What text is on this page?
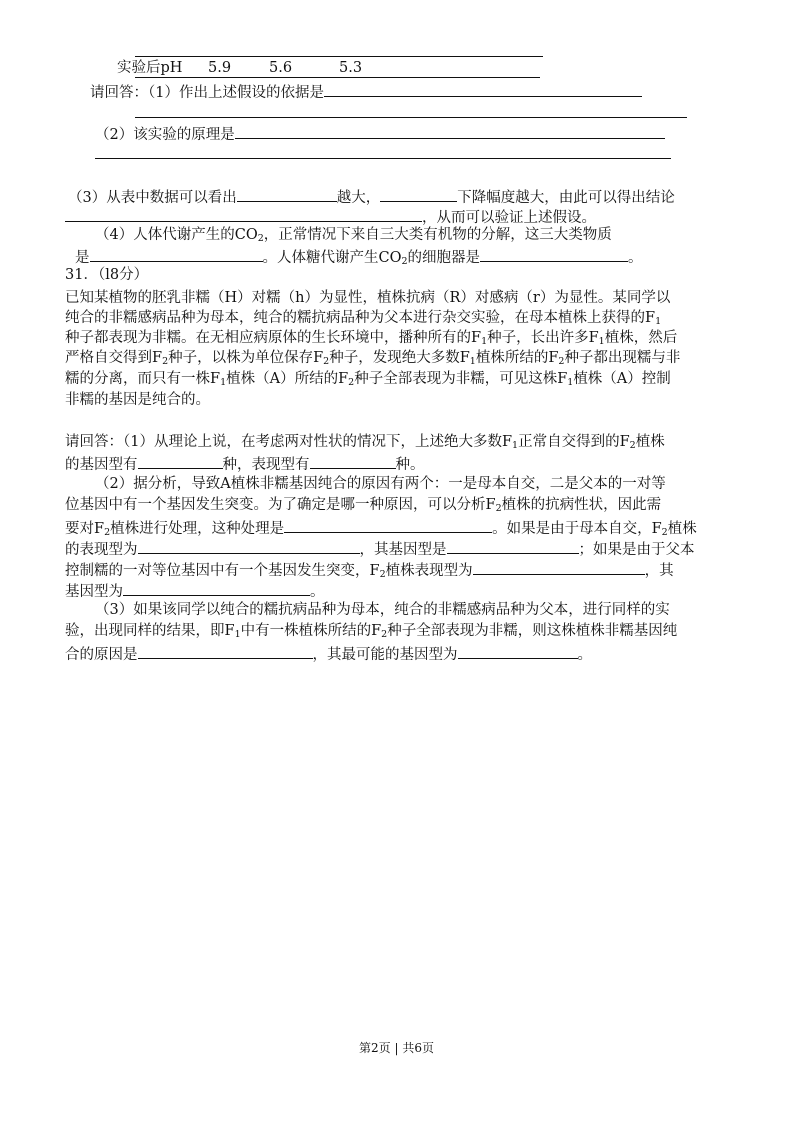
实验后pH 5.9	5.6	5.3
请回答：（1）作出上述假设的依据是
（2）该实验的原理是
（3）从表中数据可以看出	越大，	下降幅度越大，由此可以得出结论
，从而可以验证上述假设。
（4）人体代谢产生的$CO_2$，正常情况下来自三大类有机物的分解，这三大类物质
是	。人体糖代谢产生$CO_2$的细胞器是	。
31．（l8分）
已知某植物的胚乳非糯（H）对糯（h）为显性，植株抗病（R）对感病（r）为显性。某同学以
纯合的非糯感病品种为母本，纯合的糯抗病品种为父本进行杂交实验，在母本植株上获得的$F_1$
种子都表现为非糯。在无相应病原体的生长环境中，播种所有的$F_1$种子，长出许多$F_1$植株，然后
严格自交得到$F_2$种子，以株为单位保存$F_2$种子，发现绝大多数$F_1$植株所结的$F_2$种子都出现糯与非
糯的分离，而只有一株$F_1$植株（A）所结的$F_2$种子全部表现为非糯，可见这株$F_1$植株（A）控制
非糯的基因是纯合的。
请回答：（1）从理论上说，在考虑两对性状的情况下，上述绝大多数$F_1$正常自交得到的$F_2$植株
的基因型有	种，表现型有	种。
（2）据分析，导致A植株非糯基因纯合的原因有两个：一是母本自交，二是父本的一对等
位基因中有一个基因发生突变。为了确定是哪一种原因，可以分析$F_2$植株的抗病性状，因此需
要对$F_2$植株进行处理，这种处理是	。如果是由于母本自交，$F_2$植株
的表现型为	，其基因型是	；如果是由于父本
控制糯的一对等位基因中有一个基因发生突变，$F_2$植株表现型为	，其
基因型为	。
（3）如果该同学以纯合的糯抗病品种为母本，纯合的非糯感病品种为父本，进行同样的实
验，出现同样的结果，即$F_1$中有一株植株所结的$F_2$种子全部表现为非糯，则这株植株非糯基因纯
合的原因是	，其最可能的基因型为	。
第2页 | 共6页
